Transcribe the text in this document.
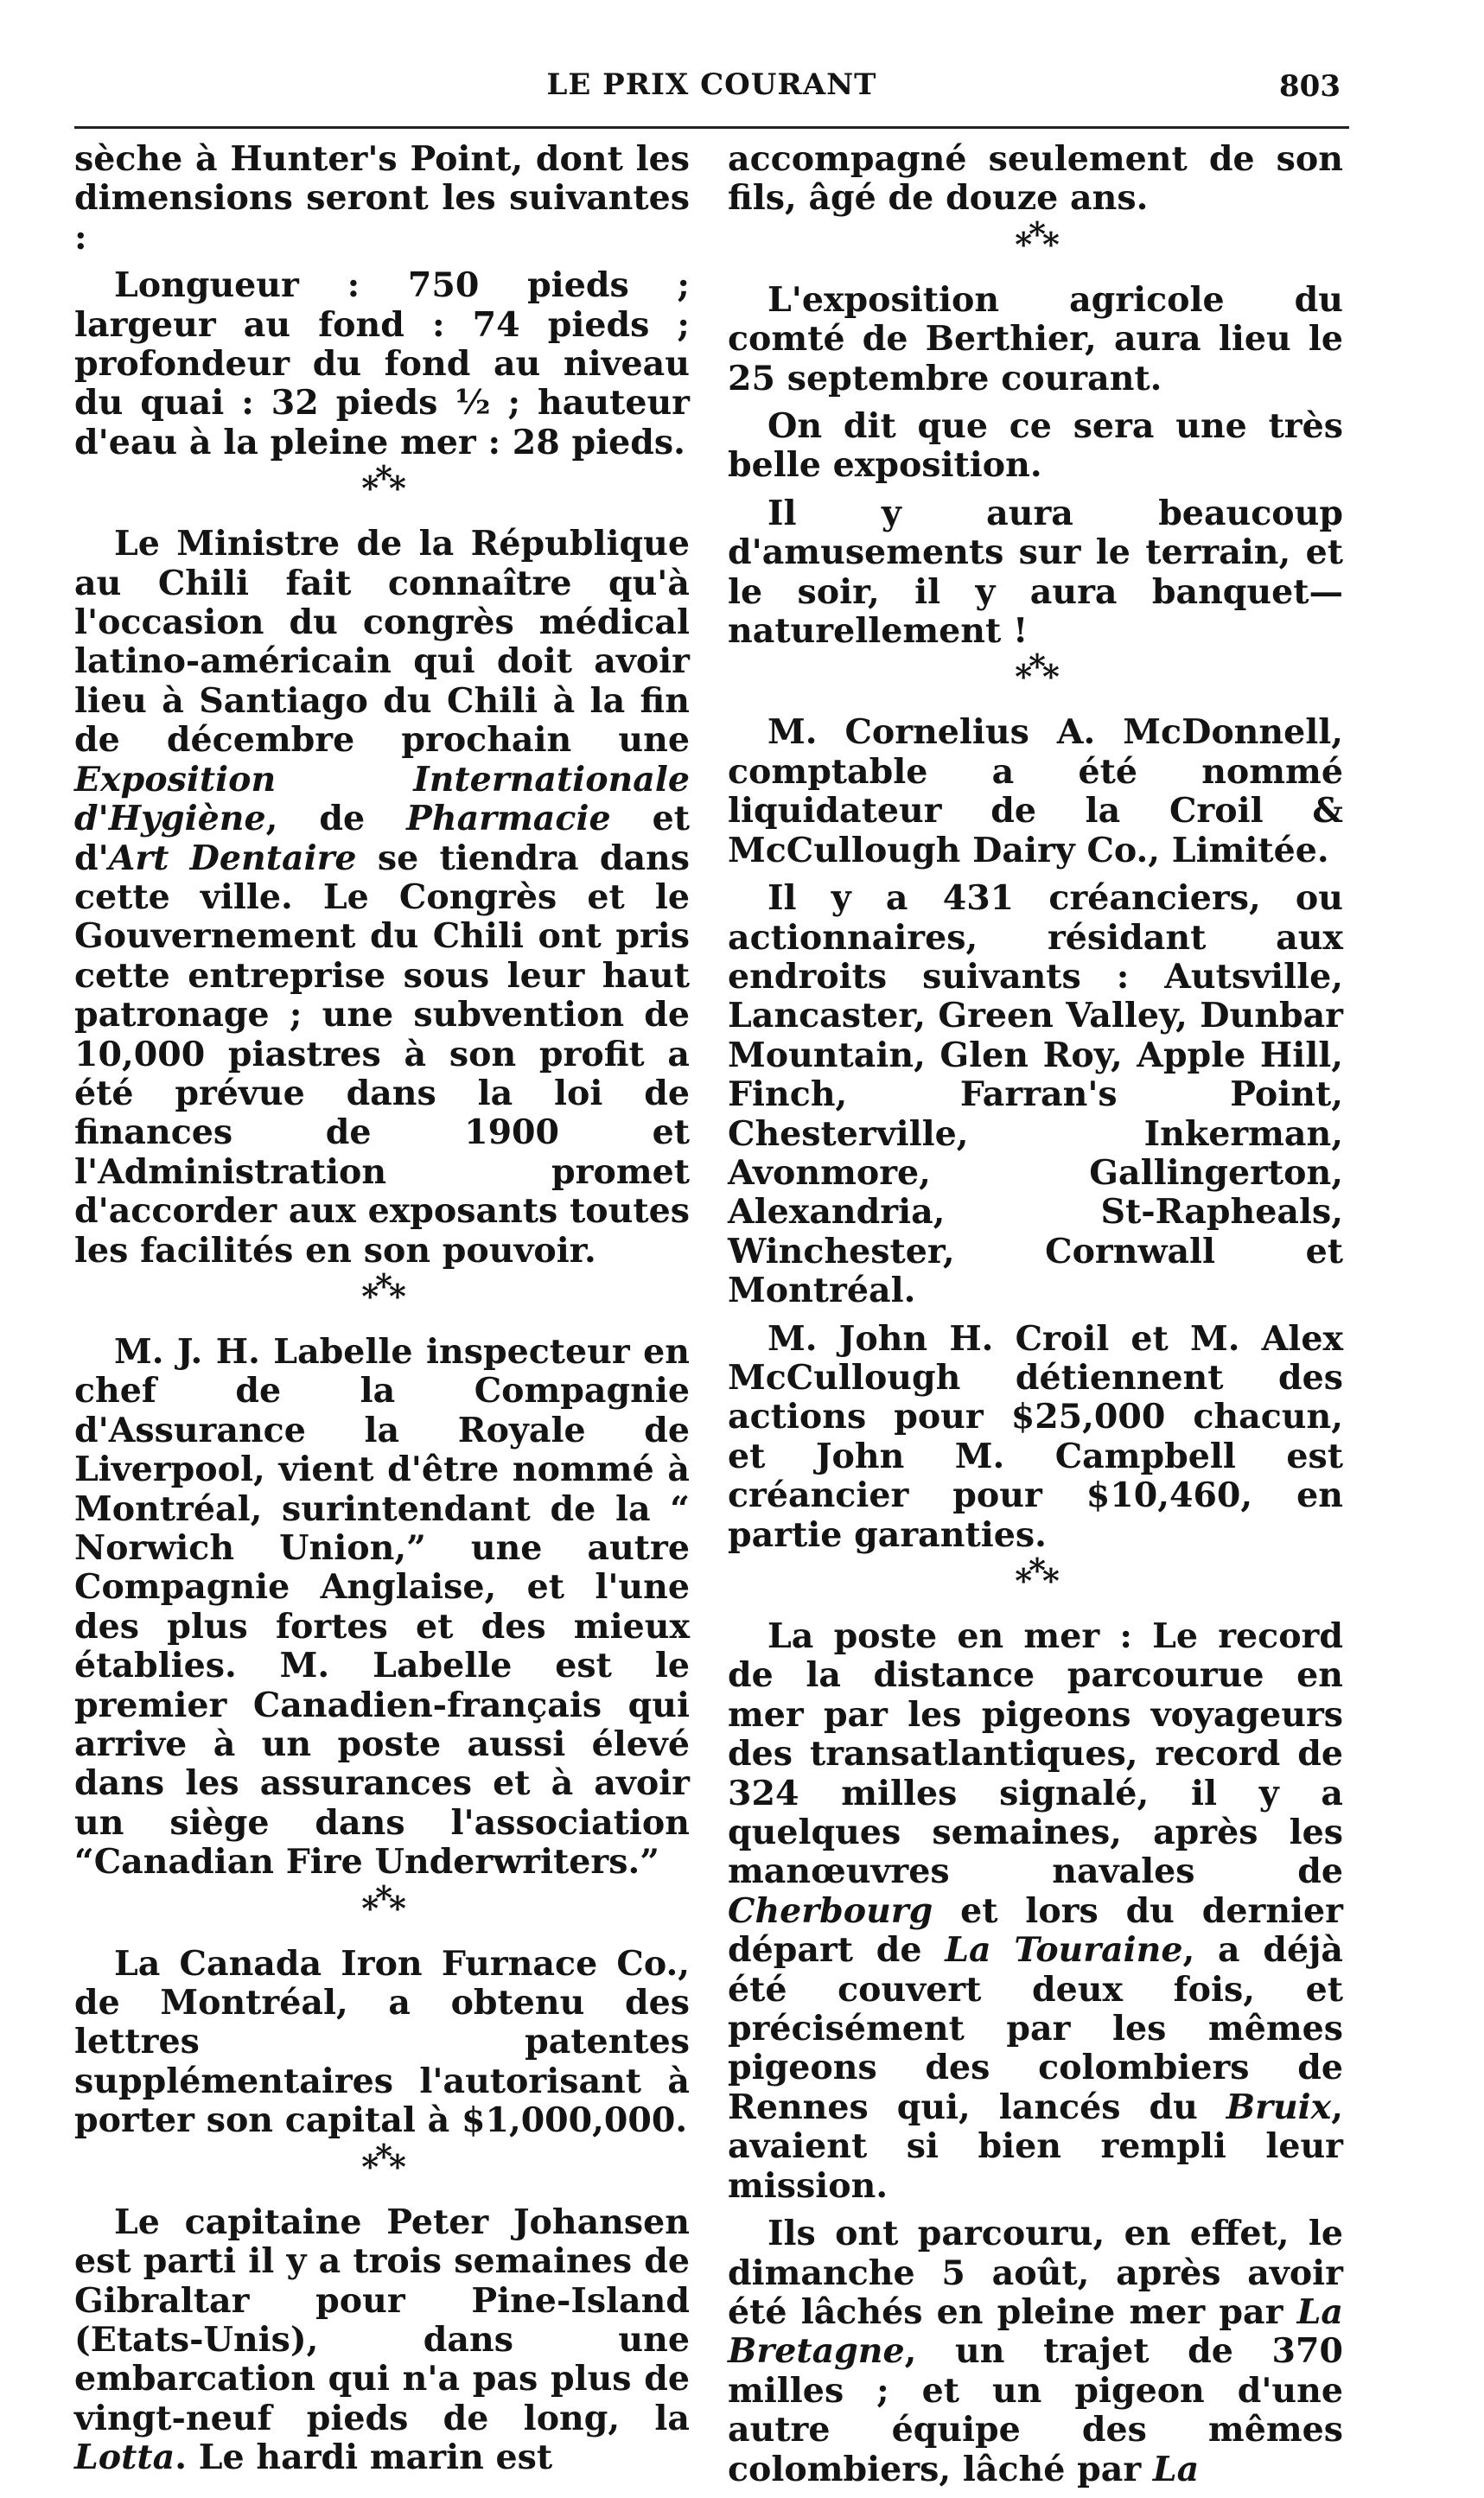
LE PRIX COURANT	803

sèche à Hunter's Point, dont les dimensions seront les suivantes :

Longueur : 750 pieds ; largeur au fond : 74 pieds ; profondeur du fond au niveau du quai : 32 pieds ½ ; hauteur d'eau à la pleine mer : 28 pieds.

***

Le Ministre de la République au Chili fait connaître qu'à l'occasion du congrès médical latino-américain qui doit avoir lieu à Santiago du Chili à la fin de décembre prochain une Exposition Internationale d'Hygiène, de Pharmacie et d'Art Dentaire se tiendra dans cette ville. Le Congrès et le Gouvernement du Chili ont pris cette entreprise sous leur haut patronage ; une subvention de 10,000 piastres à son profit a été prévue dans la loi de finances de 1900 et l'Administration promet d'accorder aux exposants toutes les facilités en son pouvoir.

***

M. J. H. Labelle inspecteur en chef de la Compagnie d'Assurance la Royale de Liverpool, vient d'être nommé à Montréal, surintendant de la “ Norwich Union,” une autre Compagnie Anglaise, et l'une des plus fortes et des mieux établies. M. Labelle est le premier Canadien-français qui arrive à un poste aussi élevé dans les assurances et à avoir un siège dans l'association “Canadian Fire Underwriters.”

***

La Canada Iron Furnace Co., de Montréal, a obtenu des lettres patentes supplémentaires l'autorisant à porter son capital à $1,000,000.

***

Le capitaine Peter Johansen est parti il y a trois semaines de Gibraltar pour Pine-Island (Etats-Unis), dans une embarcation qui n'a pas plus de vingt-neuf pieds de long, la Lotta. Le hardi marin est

accompagné seulement de son fils, âgé de douze ans.

***

L'exposition agricole du comté de Berthier, aura lieu le 25 septembre courant.

On dit que ce sera une très belle exposition.

Il y aura beaucoup d'amusements sur le terrain, et le soir, il y aura banquet—naturellement !

***

M. Cornelius A. McDonnell, comptable a été nommé liquidateur de la Croil & McCullough Dairy Co., Limitée.

Il y a 431 créanciers, ou actionnaires, résidant aux endroits suivants : Autsville, Lancaster, Green Valley, Dunbar Mountain, Glen Roy, Apple Hill, Finch, Farran's Point, Chesterville, Inkerman, Avonmore, Gallingerton, Alexandria, St-Rapheals, Winchester, Cornwall et Montréal.

M. John H. Croil et M. Alex McCullough détiennent des actions pour $25,000 chacun, et John M. Campbell est créancier pour $10,460, en partie garanties.

***

La poste en mer : Le record de la distance parcourue en mer par les pigeons voyageurs des transatlantiques, record de 324 milles signalé, il y a quelques semaines, après les manœuvres navales de Cherbourg et lors du dernier départ de La Touraine, a déjà été couvert deux fois, et précisément par les mêmes pigeons des colombiers de Rennes qui, lancés du Bruix, avaient si bien rempli leur mission.

Ils ont parcouru, en effet, le dimanche 5 août, après avoir été lâchés en pleine mer par La Bretagne, un trajet de 370 milles ; et un pigeon d'une autre équipe des mêmes colombiers, lâché par La
